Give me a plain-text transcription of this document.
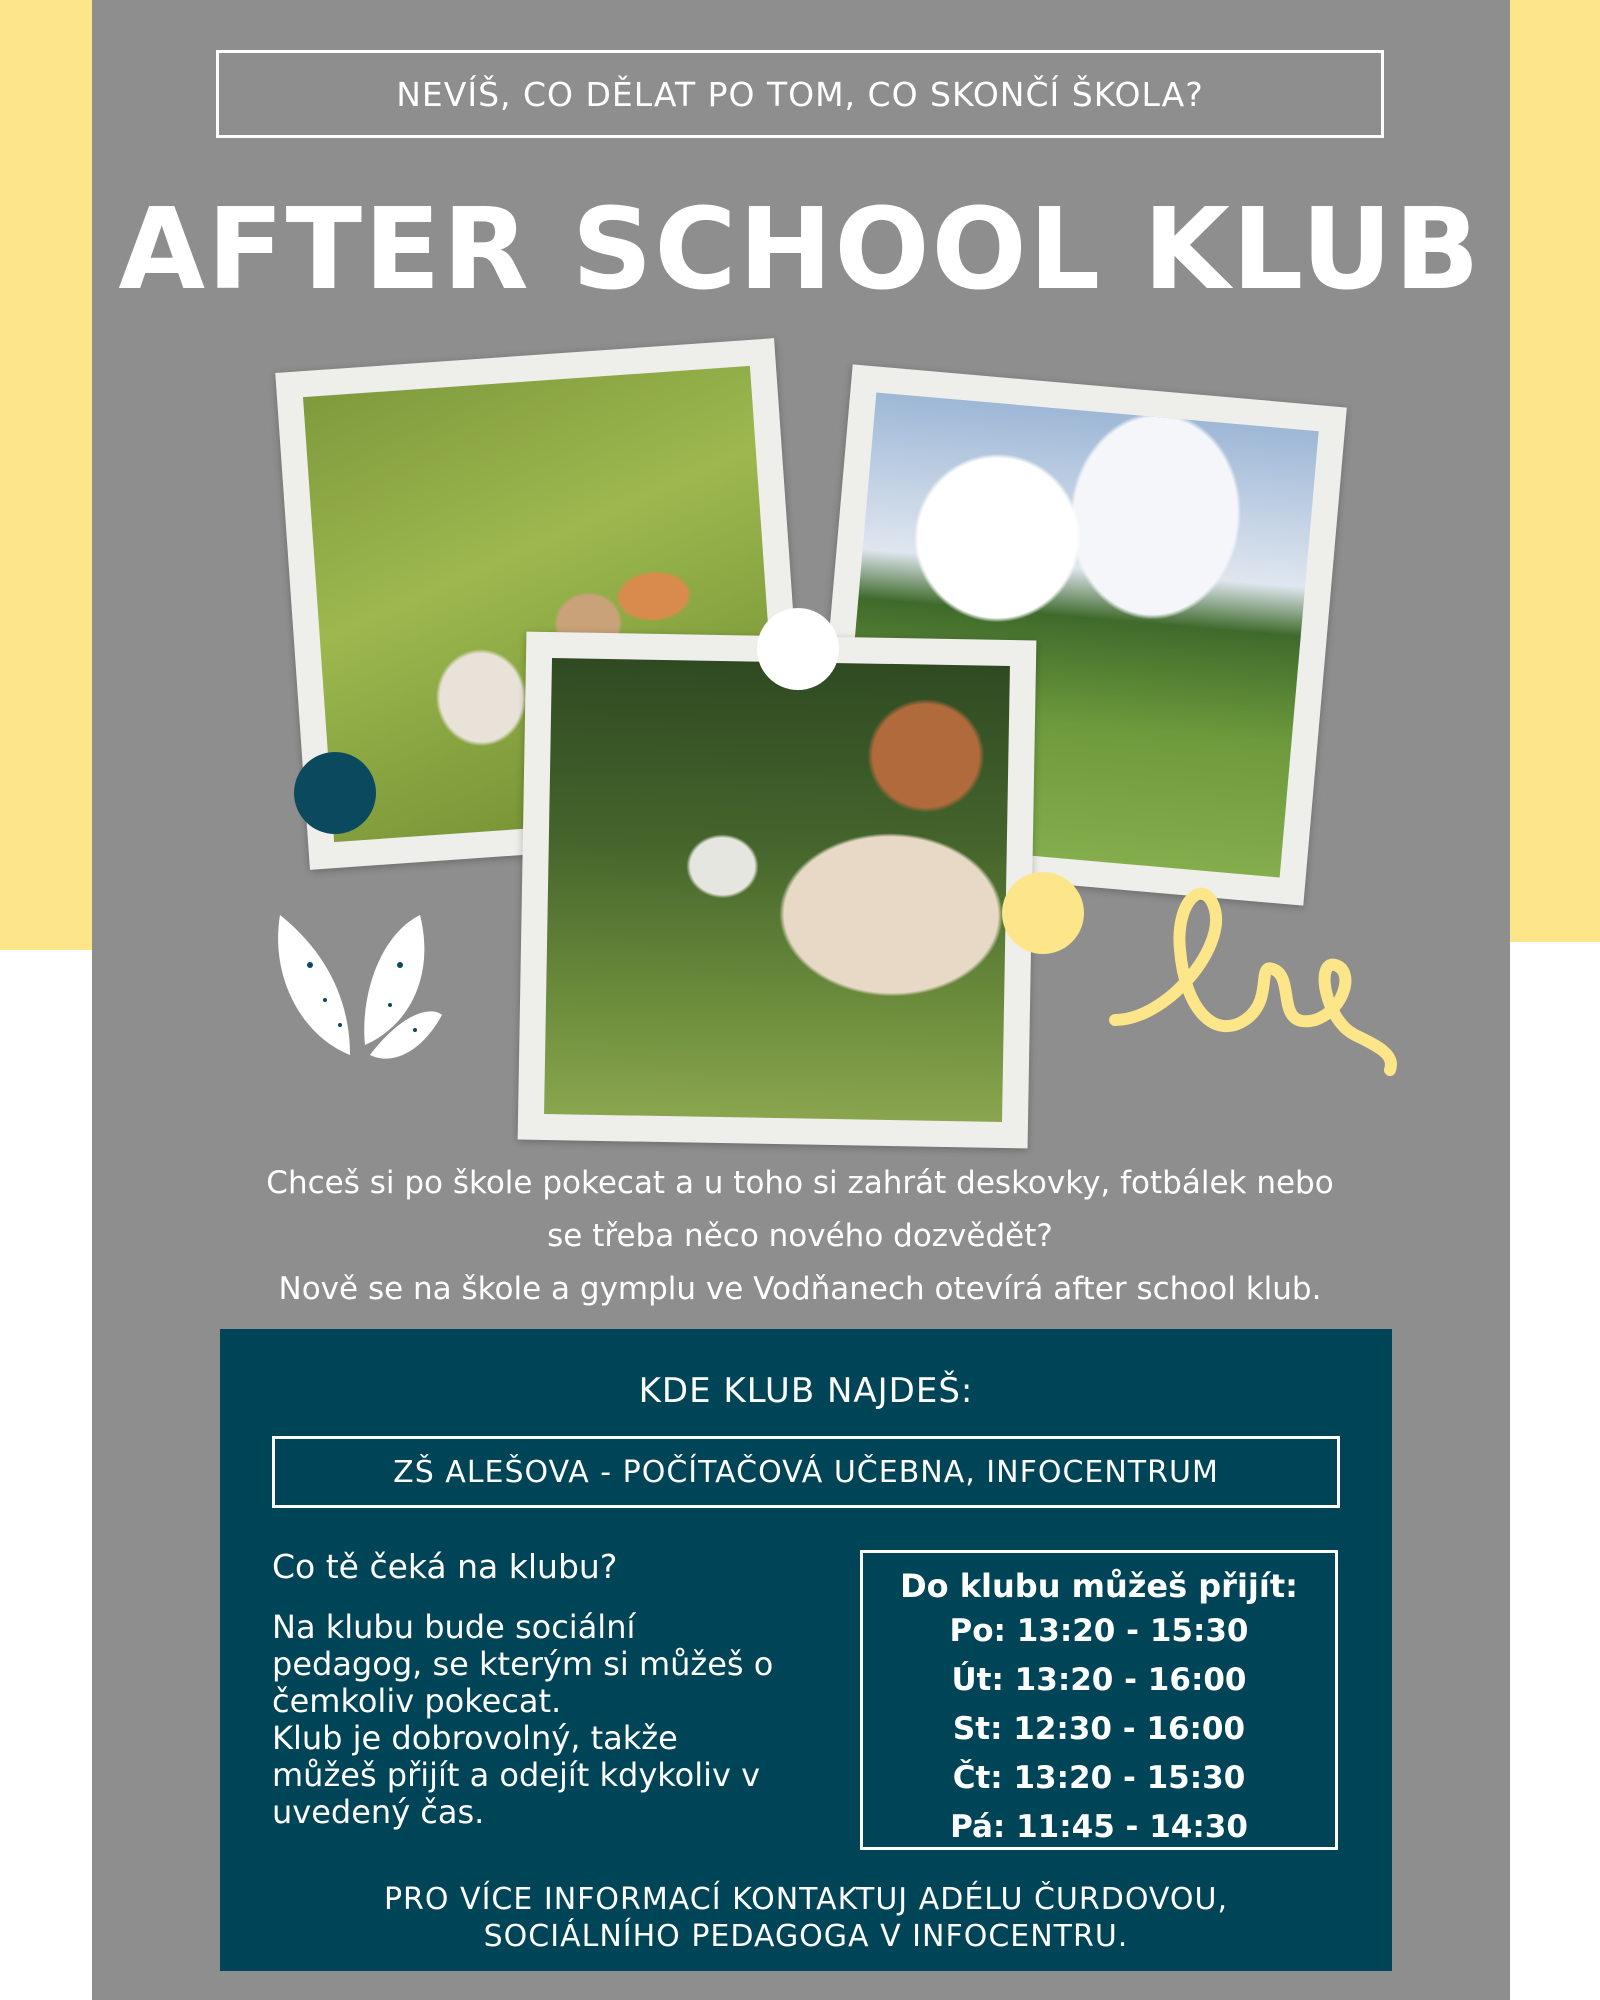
NEVÍŠ, CO DĚLAT PO TOM, CO SKONČÍ ŠKOLA?
AFTER SCHOOL KLUB
Chceš si po škole pokecat a u toho si zahrát deskovky, fotbálek nebo
se třeba něco nového dozvědět?
Nově se na škole a gymplu ve Vodňanech otevírá after school klub.
KDE KLUB NAJDEŠ:
ZŠ ALEŠOVA - POČÍTAČOVÁ UČEBNA, INFOCENTRUM
Co tě čeká na klubu?
Na klubu bude sociální
pedagog, se kterým si můžeš o
čemkoliv pokecat.
Klub je dobrovolný, takže
můžeš přijít a odejít kdykoliv v
uvedený čas.
Do klubu můžeš přijít:
Po: 13:20 - 15:30
Út: 13:20 - 16:00
St: 12:30 - 16:00
Čt: 13:20 - 15:30
Pá: 11:45 - 14:30
PRO VÍCE INFORMACÍ KONTAKTUJ ADÉLU ČURDOVOU,
SOCIÁLNÍHO PEDAGOGA V INFOCENTRU.
